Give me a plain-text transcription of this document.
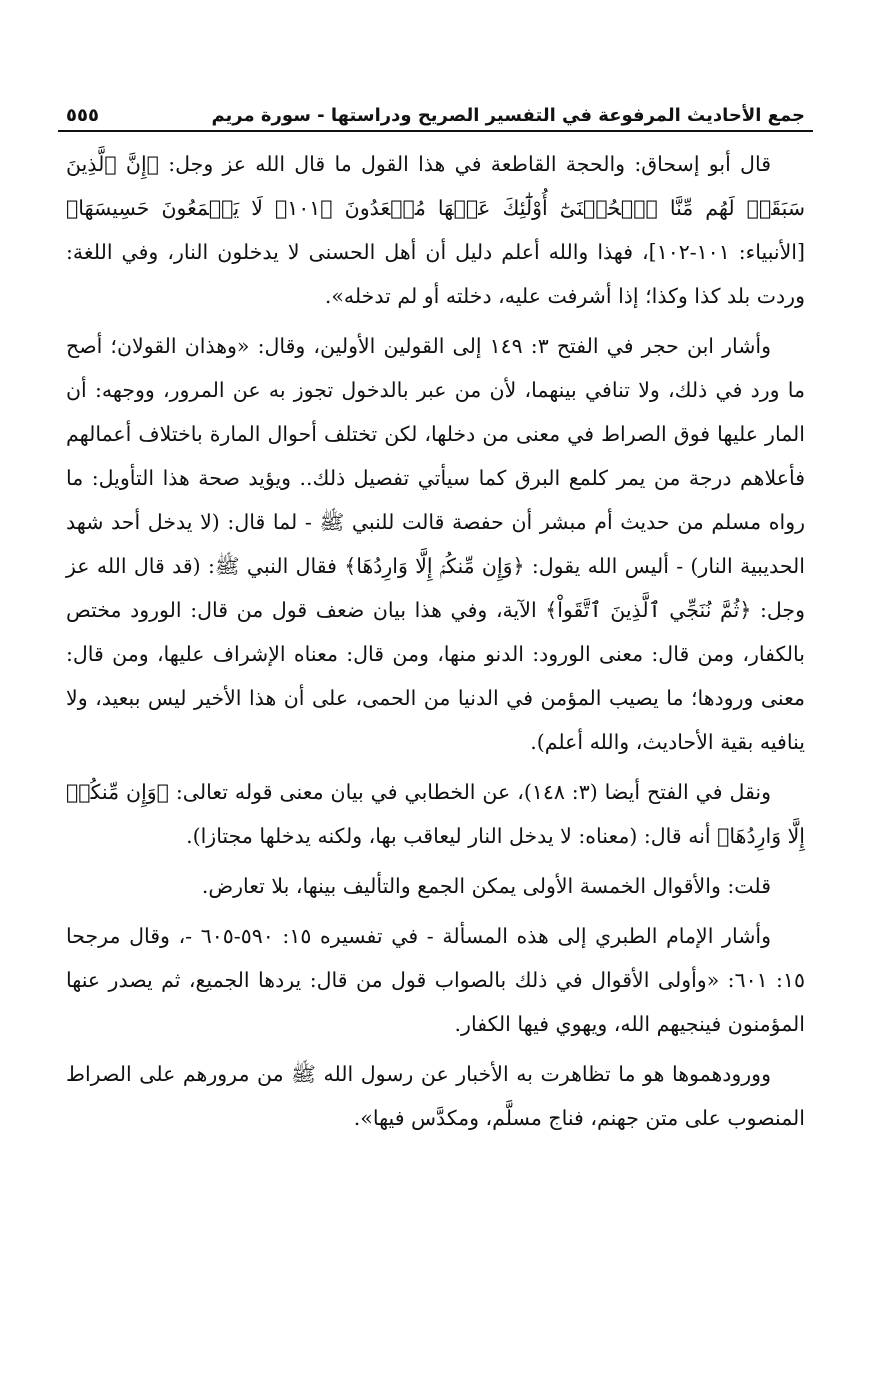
جمع الأحاديث المرفوعة في التفسير الصريح ودراستها - سورة مريم
٥٥٥

قال أبو إسحاق: والحجة القاطعة في هذا القول ما قال الله عز وجل: ﴿إِنَّ ٱلَّذِينَ سَبَقَتۡ لَهُم مِّنَّا ٱلۡحُسۡنَىٰٓ أُوْلَٰٓئِكَ عَنۡهَا مُبۡعَدُونَ ﴿١٠١﴾ لَا يَسۡمَعُونَ حَسِيسَهَا﴾ [الأنبياء: ١٠١-١٠٢]، فهذا والله أعلم دليل أن أهل الحسنى لا يدخلون النار، وفي اللغة: وردت بلد كذا وكذا؛ إذا أشرفت عليه، دخلته أو لم تدخله».

وأشار ابن حجر في الفتح ٣: ١٤٩ إلى القولين الأولين، وقال: «وهذان القولان؛ أصح ما ورد في ذلك، ولا تنافي بينهما، لأن من عبر بالدخول تجوز به عن المرور، ووجهه: أن المار عليها فوق الصراط في معنى من دخلها، لكن تختلف أحوال المارة باختلاف أعمالهم فأعلاهم درجة من يمر كلمع البرق كما سيأتي تفصيل ذلك.. ويؤيد صحة هذا التأويل: ما رواه مسلم من حديث أم مبشر أن حفصة قالت للنبي ﷺ - لما قال: (لا يدخل أحد شهد الحديبية النار) - أليس الله يقول: ﴿وَإِن مِّنكُمۡ إِلَّا وَارِدُهَا﴾ فقال النبي ﷺ: (قد قال الله عز وجل: ﴿ثُمَّ نُنَجِّي ٱلَّذِينَ ٱتَّقَواْ﴾ الآية، وفي هذا بيان ضعف قول من قال: الورود مختص بالكفار، ومن قال: معنى الورود: الدنو منها، ومن قال: معناه الإشراف عليها، ومن قال: معنى ورودها؛ ما يصيب المؤمن في الدنيا من الحمى، على أن هذا الأخير ليس ببعيد، ولا ينافيه بقية الأحاديث، والله أعلم).

ونقل في الفتح أيضا (٣: ١٤٨)، عن الخطابي في بيان معنى قوله تعالى: ﴿وَإِن مِّنكُمۡ إِلَّا وَارِدُهَا﴾ أنه قال: (معناه: لا يدخل النار ليعاقب بها، ولكنه يدخلها مجتازا).

قلت: والأقوال الخمسة الأولى يمكن الجمع والتأليف بينها، بلا تعارض.

وأشار الإمام الطبري إلى هذه المسألة - في تفسيره ١٥: ٥٩٠-٦٠٥ -، وقال مرجحا ١٥: ٦٠١: «وأولى الأقوال في ذلك بالصواب قول من قال: يردها الجميع، ثم يصدر عنها المؤمنون فينجيهم الله، ويهوي فيها الكفار.

وورودهموها هو ما تظاهرت به الأخبار عن رسول الله ﷺ من مرورهم على الصراط المنصوب على متن جهنم، فناج مسلَّم، ومكدَّس فيها».
